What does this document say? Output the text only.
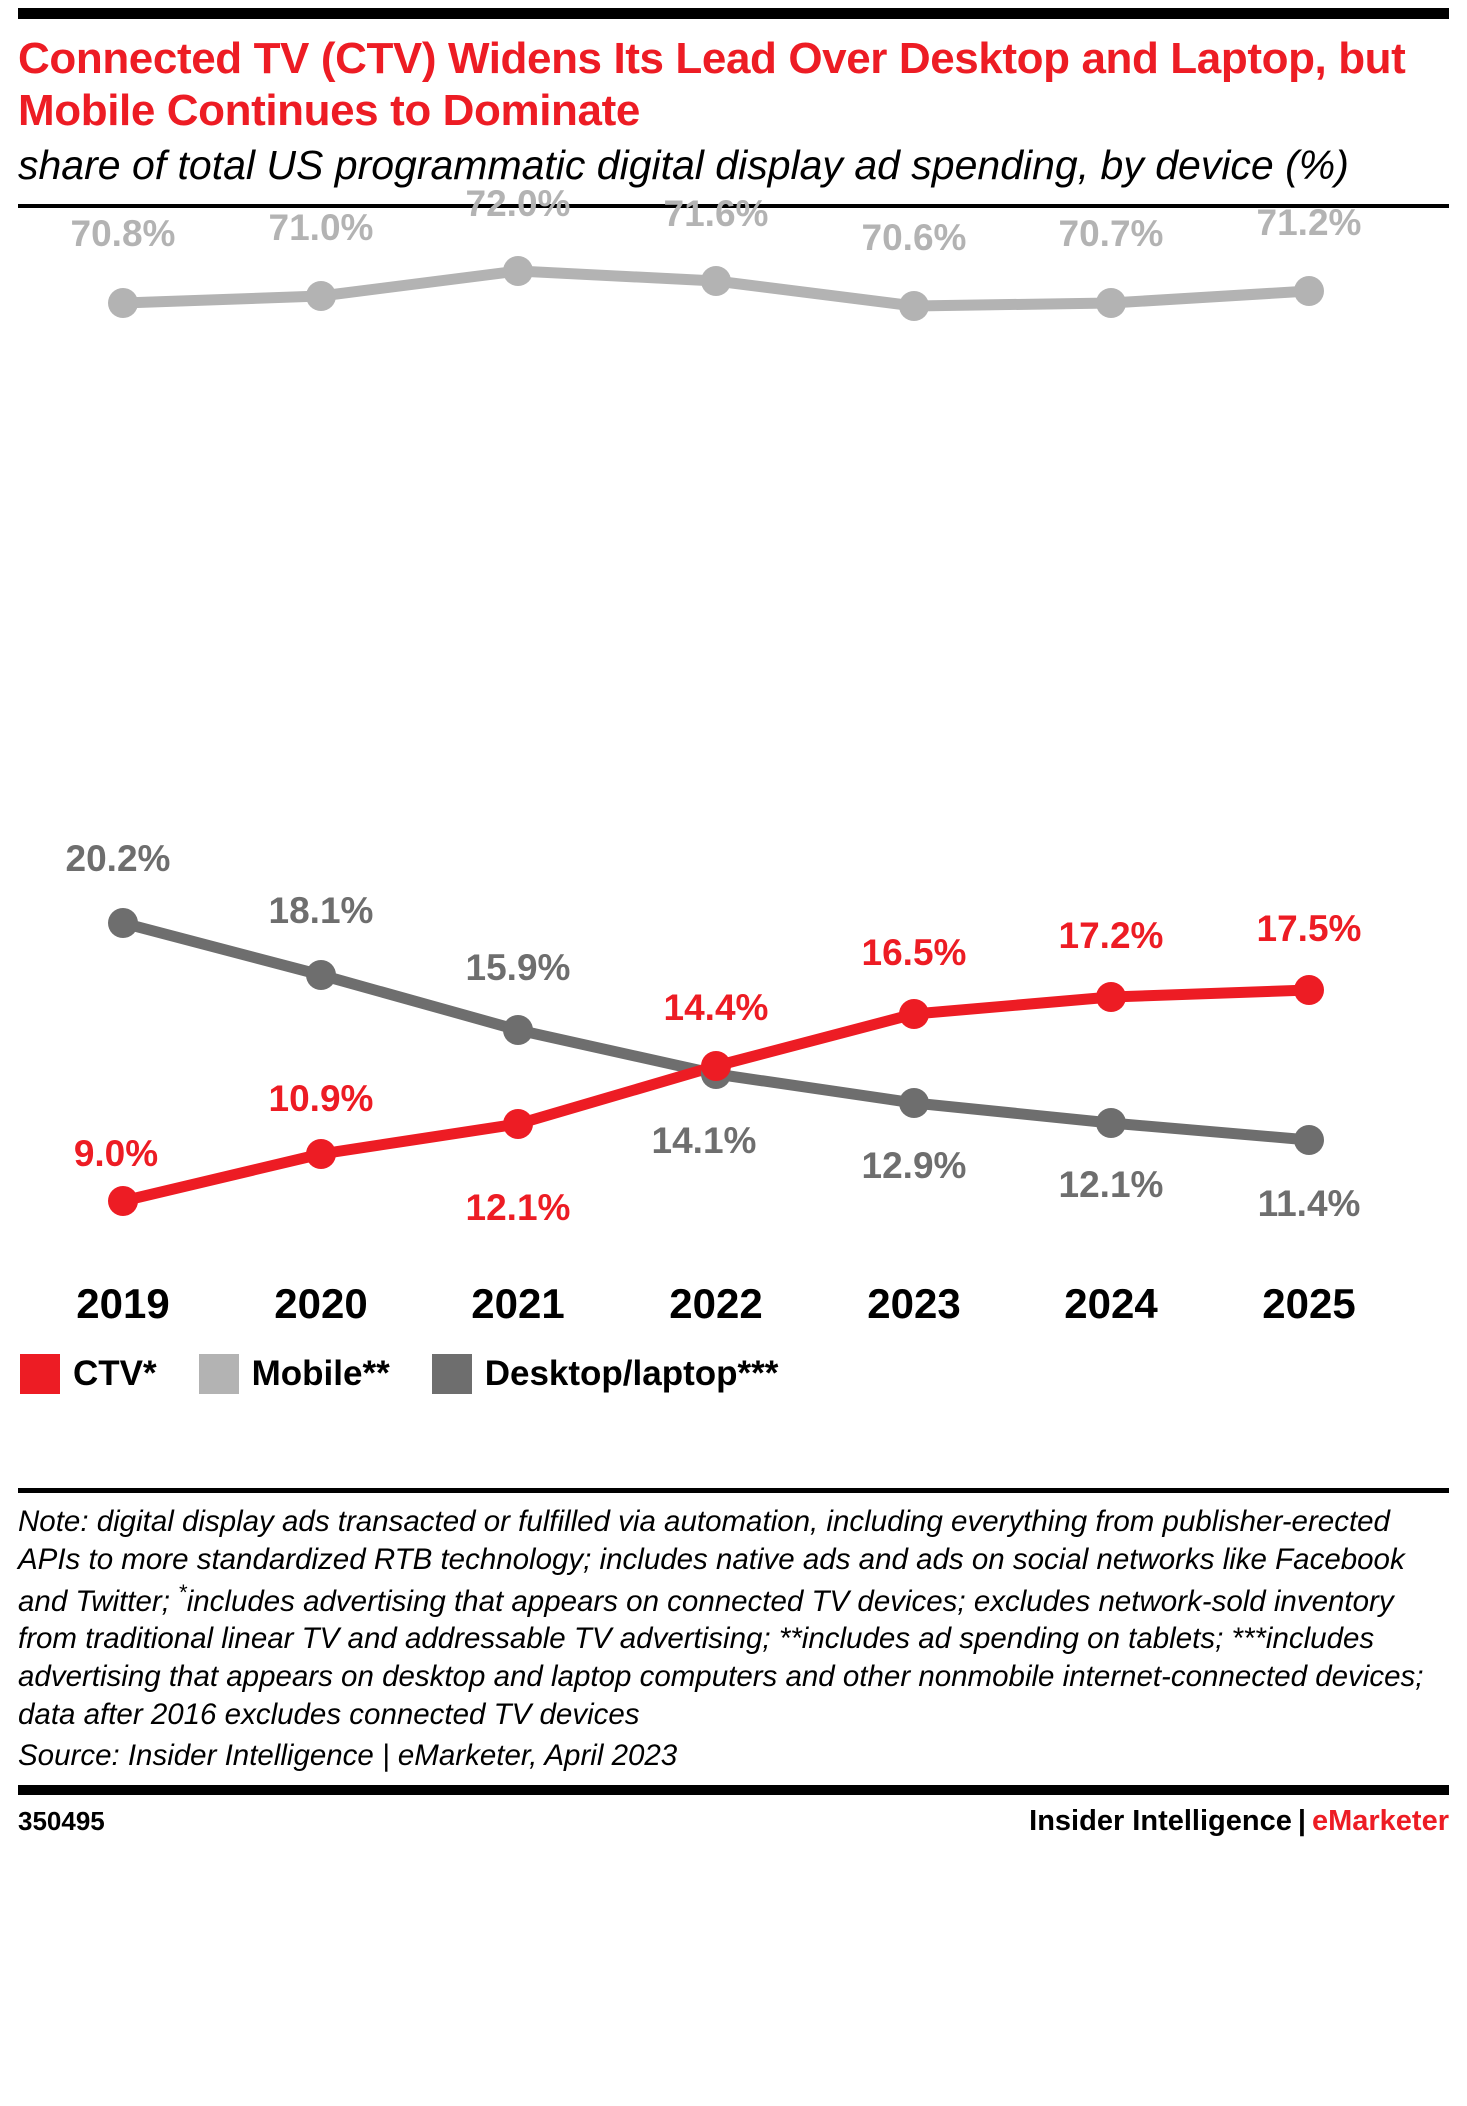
Connected TV (CTV) Widens Its Lead Over Desktop and Laptop, but Mobile Continues to Dominate
share of total US programmatic digital display ad spending, by device (%)
70.8%	71.0%
72.0%	71.6%
70.6% 70.7%	71.2%
20.2%
18.1%
15.9%
14.1%
12.9% 12.1%	11.4%
9.0%
10.9%
12.1%
14.4%
16.5% 17.2%	17.5%
2019 2020 2021 2022 2023 2024 2025
CTV*	Mobile**	Desktop/laptop***
Note: digital display ads transacted or fulfilled via automation, including everything from publisher-erected APIs to more standardized RTB technology; includes native ads and ads on social networks like Facebook and Twitter; *includes advertising that appears on connected TV devices; excludes network-sold inventory from traditional linear TV and addressable TV advertising; **includes ad spending on tablets; ***includes advertising that appears on desktop and laptop computers and other nonmobile internet-connected devices; data after 2016 excludes connected TV devices
Source: Insider Intelligence | eMarketer, April 2023
350495	Insider Intelligence | eMarketer
